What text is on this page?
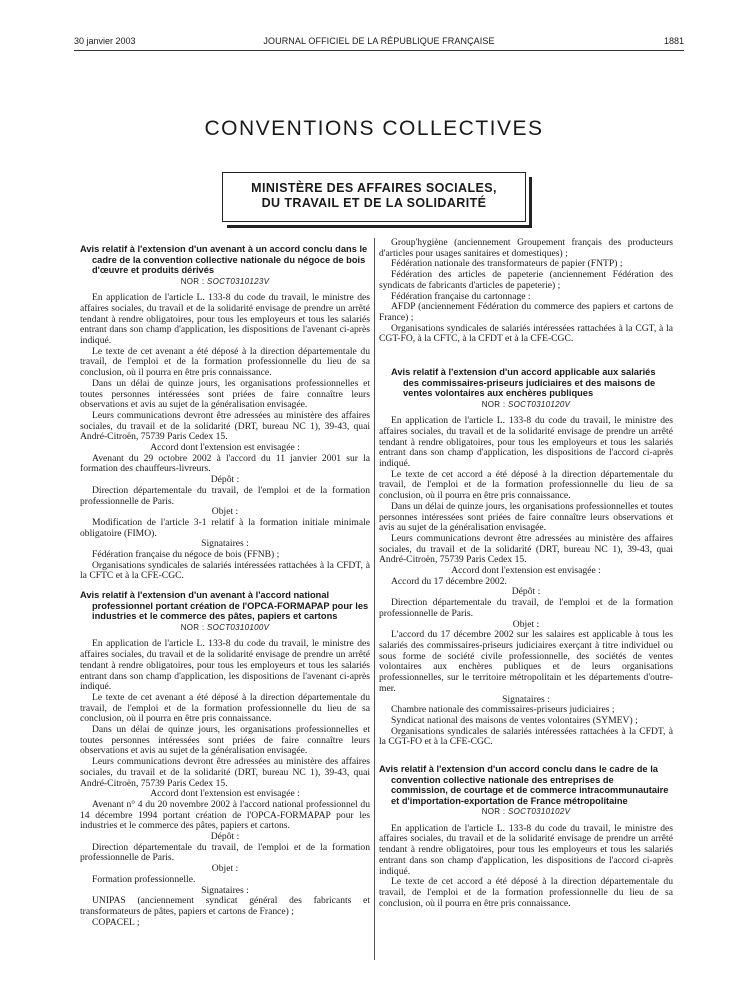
30 janvier 2003	JOURNAL OFFICIEL DE LA RÉPUBLIQUE FRANÇAISE	1881
CONVENTIONS COLLECTIVES
MINISTÈRE DES AFFAIRES SOCIALES,
DU TRAVAIL ET DE LA SOLIDARITÉ
Avis relatif à l'extension d'un avenant à un accord conclu dans le cadre de la convention collective nationale du négoce de bois d'œuvre et produits dérivés
NOR : SOCT0310123V

En application de l'article L. 133-8 du code du travail, le ministre des affaires sociales, du travail et de la solidarité envisage de prendre un arrêté tendant à rendre obligatoires, pour tous les employeurs et tous les salariés entrant dans son champ d'application, les dispositions de l'avenant ci-après indiqué.

Le texte de cet avenant a été déposé à la direction départementale du travail, de l'emploi et de la formation professionnelle du lieu de sa conclusion, où il pourra en être pris connaissance.

Dans un délai de quinze jours, les organisations professionnelles et toutes personnes intéressées sont priées de faire connaître leurs observations et avis au sujet de la généralisation envisagée.

Leurs communications devront être adressées au ministère des affaires sociales, du travail et de la solidarité (DRT, bureau NC 1), 39-43, quai André-Citroën, 75739 Paris Cedex 15.

Accord dont l'extension est envisagée :

Avenant du 29 octobre 2002 à l'accord du 11 janvier 2001 sur la formation des chauffeurs-livreurs.

Dépôt :

Direction départementale du travail, de l'emploi et de la formation professionnelle de Paris.

Objet :

Modification de l'article 3-1 relatif à la formation initiale minimale obligatoire (FIMO).

Signataires :

Fédération française du négoce de bois (FFNB) ;

Organisations syndicales de salariés intéressées rattachées à la CFDT, à la CFTC et à la CFE-CGC.

Avis relatif à l'extension d'un avenant à l'accord national professionnel portant création de l'OPCA-FORMAPAP pour les industries et le commerce des pâtes, papiers et cartons
NOR : SOCT0310100V

En application de l'article L. 133-8 du code du travail, le ministre des affaires sociales, du travail et de la solidarité envisage de prendre un arrêté tendant à rendre obligatoires, pour tous les employeurs et tous les salariés entrant dans son champ d'application, les dispositions de l'avenant ci-après indiqué.

Le texte de cet avenant a été déposé à la direction départementale du travail, de l'emploi et de la formation professionnelle du lieu de sa conclusion, où il pourra en être pris connaissance.

Dans un délai de quinze jours, les organisations professionnelles et toutes personnes intéressées sont priées de faire connaître leurs observations et avis au sujet de la généralisation envisagée.

Leurs communications devront être adressées au ministère des affaires sociales, du travail et de la solidarité (DRT, bureau NC 1), 39-43, quai André-Citroën, 75739 Paris Cedex 15.

Accord dont l'extension est envisagée :

Avenant n° 4 du 20 novembre 2002 à l'accord national professionnel du 14 décembre 1994 portant création de l'OPCA-FORMAPAP pour les industries et le commerce des pâtes, papiers et cartons.

Dépôt :

Direction départementale du travail, de l'emploi et de la formation professionnelle de Paris.

Objet :

Formation professionnelle.

Signataires :

UNIPAS (anciennement syndicat général des fabricants et transformateurs de pâtes, papiers et cartons de France) ;

COPACEL ;

Group'hygiène (anciennement Groupement français des producteurs d'articles pour usages sanitaires et domestiques) ;

Fédération nationale des transformateurs de papier (FNTP) ;

Fédération des articles de papeterie (anciennement Fédération des syndicats de fabricants d'articles de papeterie) ;

Fédération française du cartonnage :

AFDP (anciennement Fédération du commerce des papiers et cartons de France) ;

Organisations syndicales de salariés intéressées rattachées à la CGT, à la CGT-FO, à la CFTC, à la CFDT et à la CFE-CGC.

Avis relatif à l'extension d'un accord applicable aux salariés des commissaires-priseurs judiciaires et des maisons de ventes volontaires aux enchères publiques
NOR : SOCT0310120V

En application de l'article L. 133-8 du code du travail, le ministre des affaires sociales, du travail et de la solidarité envisage de prendre un arrêté tendant à rendre obligatoires, pour tous les employeurs et tous les salariés entrant dans son champ d'application, les dispositions de l'accord ci-après indiqué.

Le texte de cet accord a été déposé à la direction départementale du travail, de l'emploi et de la formation professionnelle du lieu de sa conclusion, où il pourra en être pris connaissance.

Dans un délai de quinze jours, les organisations professionnelles et toutes personnes intéressées sont priées de faire connaître leurs observations et avis au sujet de la généralisation envisagée.

Leurs communications devront être adressées au ministère des affaires sociales, du travail et de la solidarité (DRT, bureau NC 1), 39-43, quai André-Citroën, 75739 Paris Cedex 15.

Accord dont l'extension est envisagée :

Accord du 17 décembre 2002.

Dépôt :

Direction départementale du travail, de l'emploi et de la formation professionnelle de Paris.

Objet :

L'accord du 17 décembre 2002 sur les salaires est applicable à tous les salariés des commissaires-priseurs judiciaires exerçant à titre individuel ou sous forme de société civile professionnelle, des sociétés de ventes volontaires aux enchères publiques et de leurs organisations professionnelles, sur le territoire métropolitain et les départements d'outre-mer.

Signataires :

Chambre nationale des commissaires-priseurs judiciaires ;

Syndicat national des maisons de ventes volontaires (SYMEV) ;

Organisations syndicales de salariés intéressées rattachées à la CFDT, à la CGT-FO et à la CFE-CGC.

Avis relatif à l'extension d'un accord conclu dans le cadre de la convention collective nationale des entreprises de commission, de courtage et de commerce intracommunautaire et d'importation-exportation de France métropolitaine
NOR : SOCT0310102V

En application de l'article L. 133-8 du code du travail, le ministre des affaires sociales, du travail et de la solidarité envisage de prendre un arrêté tendant à rendre obligatoires, pour tous les employeurs et tous les salariés entrant dans son champ d'application, les dispositions de l'accord ci-après indiqué.

Le texte de cet accord a été déposé à la direction départementale du travail, de l'emploi et de la formation professionnelle du lieu de sa conclusion, où il pourra en être pris connaissance.
